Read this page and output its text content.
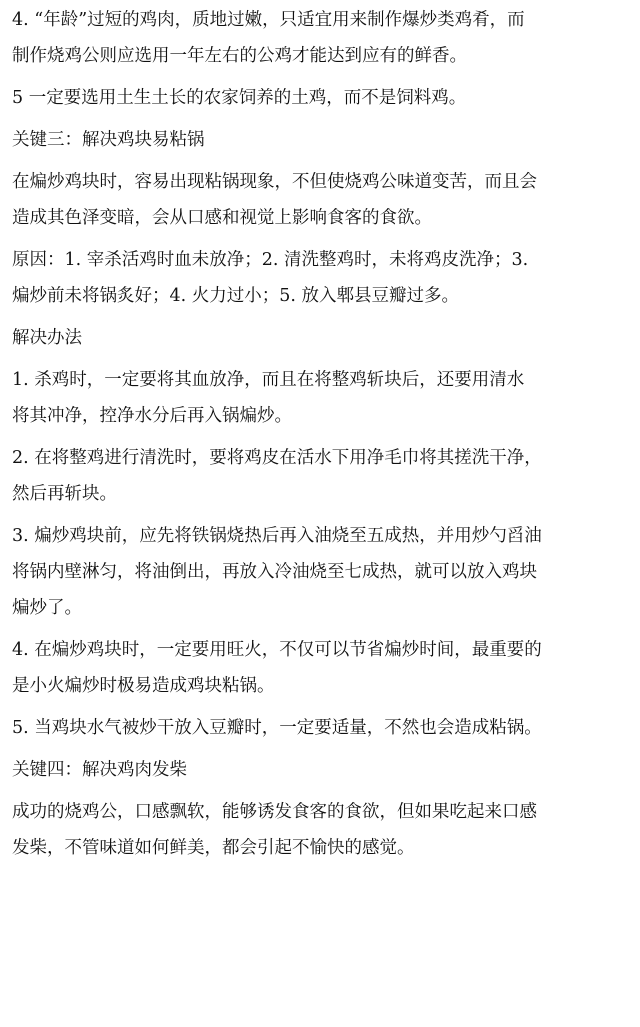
4. “年龄”过短的鸡肉，质地过嫩，只适宜用来制作爆炒类鸡肴，而
制作烧鸡公则应选用一年左右的公鸡才能达到应有的鲜香。
5 一定要选用土生土长的农家饲养的土鸡，而不是饲料鸡。
关键三：解决鸡块易粘锅
在煸炒鸡块时，容易出现粘锅现象，不但使烧鸡公味道变苦，而且会
造成其色泽变暗，会从口感和视觉上影响食客的食欲。
原因：1. 宰杀活鸡时血未放净；2. 清洗整鸡时，未将鸡皮洗净；3.
煸炒前未将锅炙好；4. 火力过小；5. 放入郫县豆瓣过多。
解决办法
1. 杀鸡时，一定要将其血放净，而且在将整鸡斩块后，还要用清水
将其冲净，控净水分后再入锅煸炒。
2. 在将整鸡进行清洗时，要将鸡皮在活水下用净毛巾将其搓洗干净，
然后再斩块。
3. 煸炒鸡块前，应先将铁锅烧热后再入油烧至五成热，并用炒勺舀油
将锅内壁淋匀，将油倒出，再放入冷油烧至七成热，就可以放入鸡块
煸炒了。
4. 在煸炒鸡块时，一定要用旺火，不仅可以节省煸炒时间，最重要的
是小火煸炒时极易造成鸡块粘锅。
5. 当鸡块水气被炒干放入豆瓣时，一定要适量，不然也会造成粘锅。
关键四：解决鸡肉发柴
成功的烧鸡公，口感飘软，能够诱发食客的食欲，但如果吃起来口感
发柴，不管味道如何鲜美，都会引起不愉快的感觉。
